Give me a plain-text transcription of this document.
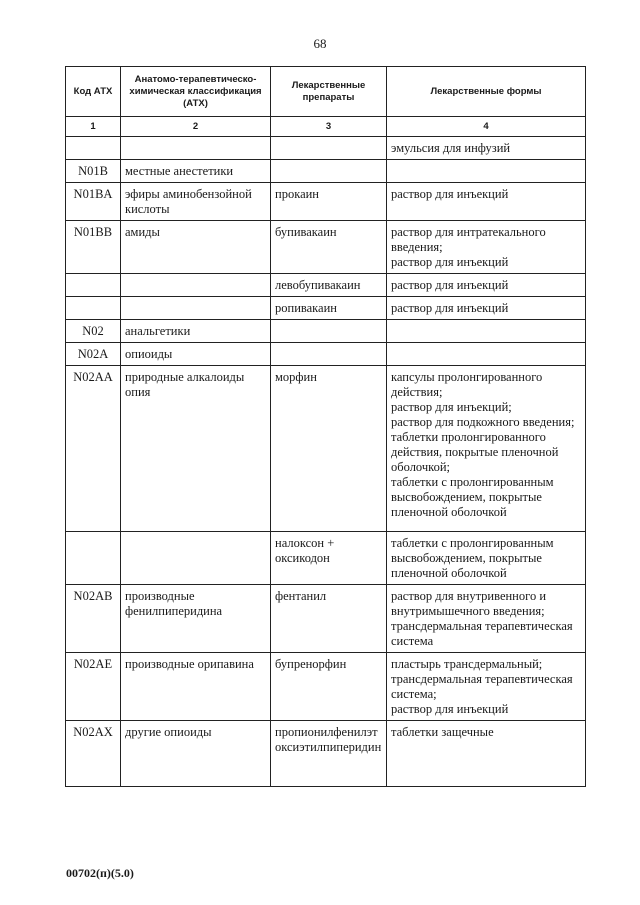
68
Код АТХ	Анатомо-терапевтическо-химическая классификация (АТХ)	Лекарственные препараты	Лекарственные формы
1	2	3	4

			эмульсия для инфузий

N01B	местные анестетики		
N01BA	эфиры аминобензойной кислоты	прокаин	раствор для инъекций

N01BB	амиды	бупивакаин	раствор для интратекального введения;
раствор для инъекций

		левобупивакаин	раствор для инъекций

		ропивакаин	раствор для инъекций

N02	анальгетики		
N02A	опиоиды		
N02AA	природные алкалоиды опия	морфин	капсулы пролонгированного действия;
раствор для инъекций;
раствор для подкожного введения;
таблетки пролонгированного действия, покрытые пленочной оболочкой;
таблетки с пролонгированным высвобождением, покрытые пленочной оболочкой

		налоксон + оксикодон	таблетки с пролонгированным высвобождением, покрытые пленочной оболочкой

N02AB	производные фенилпиперидина	фентанил	раствор для внутривенного и внутримышечного введения;
трансдермальная терапевтическая система

N02AE	производные орипавина	бупренорфин	пластырь трансдермальный;
трансдермальная терапевтическая система;
раствор для инъекций

N02AX	другие опиоиды	пропионилфенилэтоксиэтилпиперидин	таблетки защечные
00702(п)(5.0)
